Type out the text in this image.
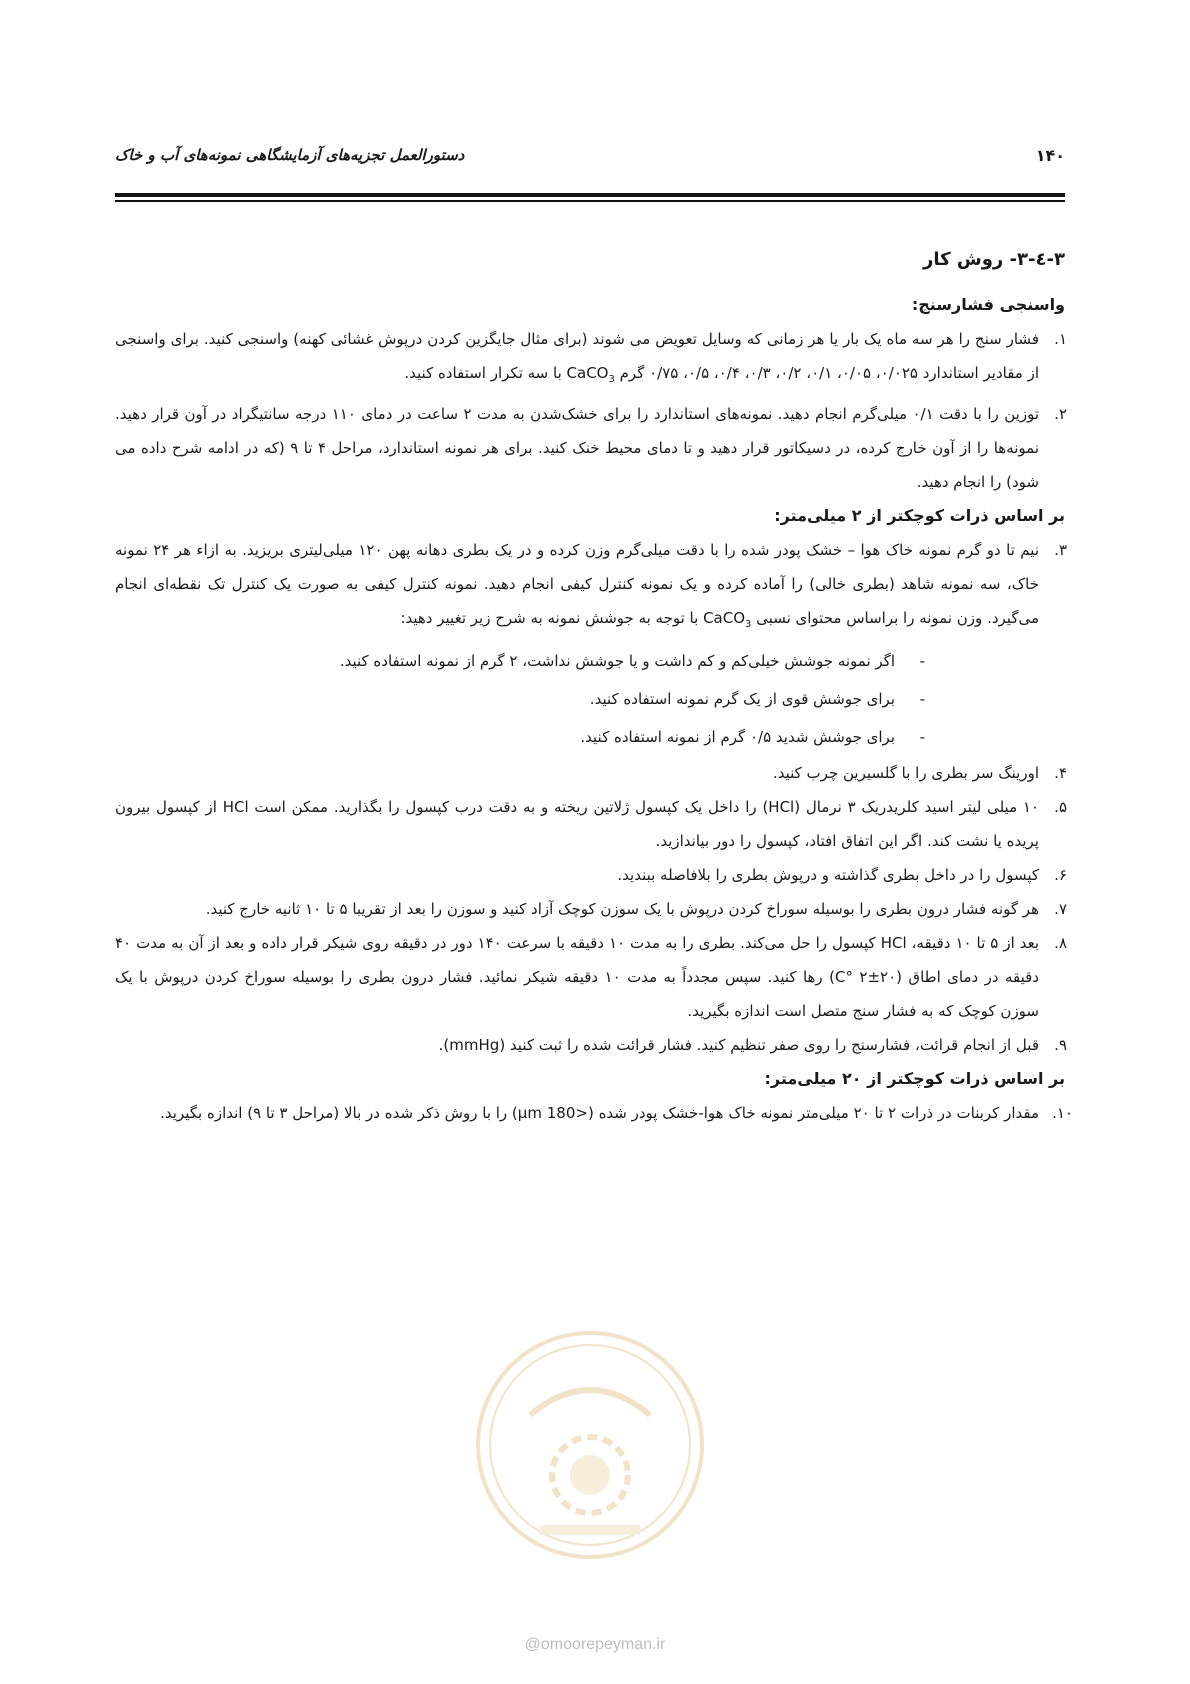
۱۴۰
دستورالعمل تجزیه‌های آزمایشگاهی نمونه‌های آب و خاک
۳-٤-۳- روش کار
واسنجی فشارسنج:
۱.
فشار سنج را هر سه ماه یک بار یا هر زمانی که وسایل تعویض می شوند (برای مثال جایگزین کردن درپوش غشائی کهنه) واسنجی کنید. برای واسنجی از مقادیر استاندارد ۰/۰۲۵، ۰/۰۵، ۰/۱، ۰/۲، ۰/۳، ۰/۴، ۰/۵، ۰/۷۵ گرم CaCO$_3$ با سه تکرار استفاده کنید.
۲.
توزین را با دقت ۰/۱ میلی‌گرم انجام دهید. نمونه‌های استاندارد را برای خشک‌شدن به مدت ۲ ساعت در دمای ۱۱۰ درجه سانتیگراد در آون قرار دهید. نمونه‌ها را از آون خارج کرده، در دسیکاتور قرار دهید و تا دمای محیط خنک کنید. برای هر نمونه استاندارد، مراحل ۴ تا ۹ (که در ادامه شرح داده می شود) را انجام دهید.
بر اساس ذرات کوچکتر از ۲ میلی‌متر:
۳.
نیم تا دو گرم نمونه خاک هوا – خشک پودر شده را با دقت میلی‌گرم وزن کرده و در یک بطری دهانه پهن ۱۲۰ میلی‌لیتری بریزید. به ازاء هر ۲۴ نمونه خاک، سه نمونه شاهد (بطری خالی) را آماده کرده و یک نمونه کنترل کیفی انجام دهید. نمونه کنترل کیفی به صورت یک کنترل تک نقطه‌ای انجام می‌گیرد. وزن نمونه را براساس محتوای نسبی CaCO$_3$ با توجه به جوشش نمونه به شرح زیر تغییر دهید:
-
اگر نمونه جوشش خیلی‌کم و کم داشت و یا جوشش نداشت، ۲ گرم از نمونه استفاده کنید.
-
برای جوشش قوی از یک گرم نمونه استفاده کنید.
-
برای جوشش شدید ۰/۵ گرم از نمونه استفاده کنید.
۴.
اورینگ سر بطری را با گلسیرین چرب کنید.
۵.
۱۰ میلی لیتر اسید کلریدریک ۳ نرمال (HCl) را داخل یک کپسول ژلاتین ریخته و به دقت درب کپسول را بگذارید. ممکن است HCl از کپسول بیرون پریده یا نشت کند. اگر این اتفاق افتاد، کپسول را دور بیاندازید.
۶.
کپسول را در داخل بطری گذاشته و درپوش بطری را بلافاصله ببندید.
۷.
هر گونه فشار درون بطری را بوسیله سوراخ کردن درپوش با یک سوزن کوچک آزاد کنید و سوزن را بعد از تقریبا ۵ تا ۱۰ ثانیه خارج کنید.
۸.
بعد از ۵ تا ۱۰ دقیقه، HCl کپسول را حل می‌کند. بطری را به مدت ۱۰ دقیقه با سرعت ۱۴۰ دور در دقیقه روی شیکر قرار داده و بعد از آن به مدت ۴۰ دقیقه در دمای اطاق (۲۰±۲ °C) رها کنید. سپس مجدداً به مدت ۱۰ دقیقه شیکر نمائید. فشار درون بطری را بوسیله سوراخ کردن درپوش با یک سوزن کوچک که به فشار سنج متصل است اندازه بگیرید.
۹.
قبل از انجام قرائت، فشارسنج را روی صفر تنظیم کنید. فشار قرائت شده را ثبت کنید (mmHg).
بر اساس ذرات کوچکتر از ۲۰ میلی‌متر:
۱۰.
مقدار کربنات در ذرات ۲ تا ۲۰ میلی‌متر نمونه خاک هوا-خشک پودر شده (<180 µm) را با روش ذکر شده در بالا (مراحل ۳ تا ۹) اندازه بگیرید.
@omoorepeyman.ir
